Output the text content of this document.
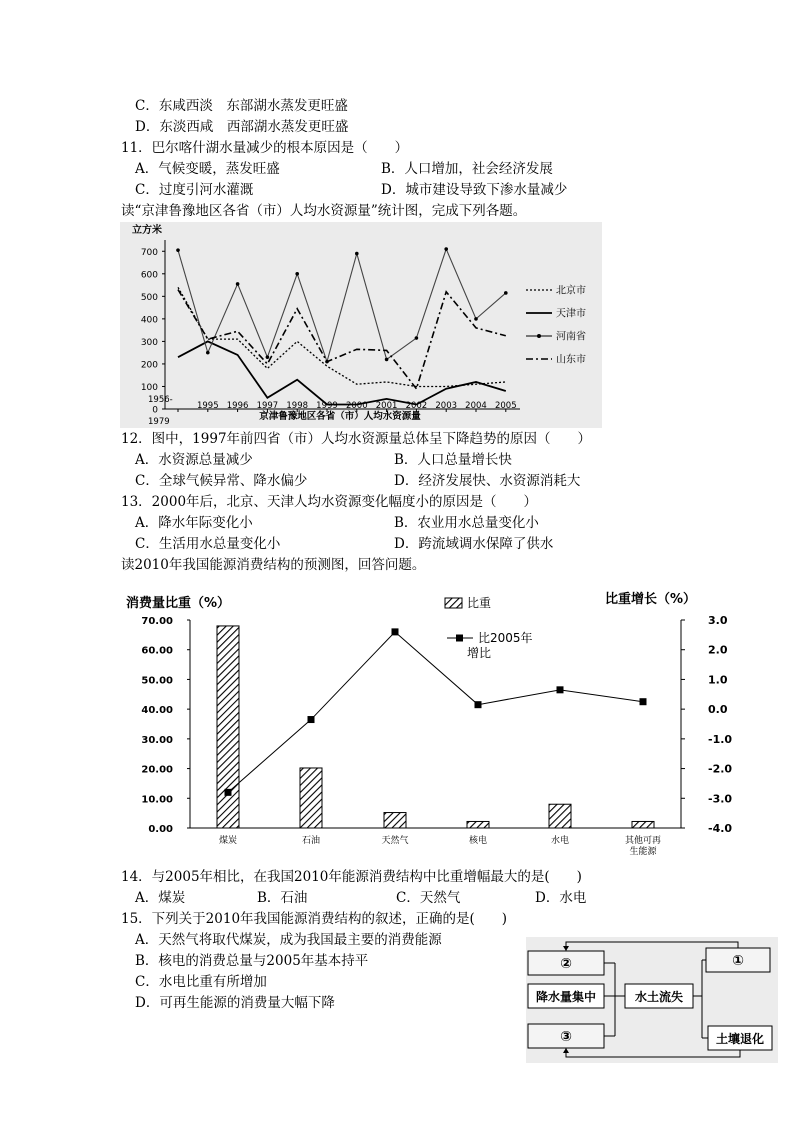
C．东咸西淡　东部湖水蒸发更旺盛
D．东淡西咸　西部湖水蒸发更旺盛
11．巴尔喀什湖水量减少的根本原因是（　　）
A．气候变暖，蒸发旺盛	B．人口增加，社会经济发展
C．过度引河水灌溉	D．城市建设导致下渗水量减少
读“京津鲁豫地区各省（市）人均水资源量”统计图，完成下列各题。
立方米
0
100
200
300
400
500
600
700
1956-1979
1995 1996 1997 1998 1999 2000 2001 2002 2003 2004 2005
北京市
天津市
河南省
山东市
京津鲁豫地区各省（市）人均水资源量
12．图中，1997年前四省（市）人均水资源量总体呈下降趋势的原因（　　）
A．水资源总量减少	B．人口总量增长快
C．全球气候异常、降水偏少	D．经济发展快、水资源消耗大
13．2000年后，北京、天津人均水资源变化幅度小的原因是（　　）
A．降水年际变化小	B．农业用水总量变化小
C．生活用水总量变化小	D．跨流域调水保障了供水
读2010年我国能源消费结构的预测图，回答问题。
消费量比重（%）	比重增长（%）
0.00
10.00
20.00
30.00
40.00
50.00
60.00
70.00
-4.0
-3.0
-2.0
-1.0
0.0
1.0
2.0
3.0
煤炭	石油	天然气	核电	水电	其他可再
生能源
比重
比2005年
增比
14．与2005年相比，在我国2010年能源消费结构中比重增幅最大的是(　　)
A．煤炭	B．石油	C．天然气	D．水电
15．下列关于2010年我国能源消费结构的叙述，正确的是(　　)
A．天然气将取代煤炭，成为我国最主要的消费能源
B．核电的消费总量与2005年基本持平
C．水电比重有所增加
D．可再生能源的消费量大幅下降
②
降水量集中
③
水土流失
①
土壤退化
